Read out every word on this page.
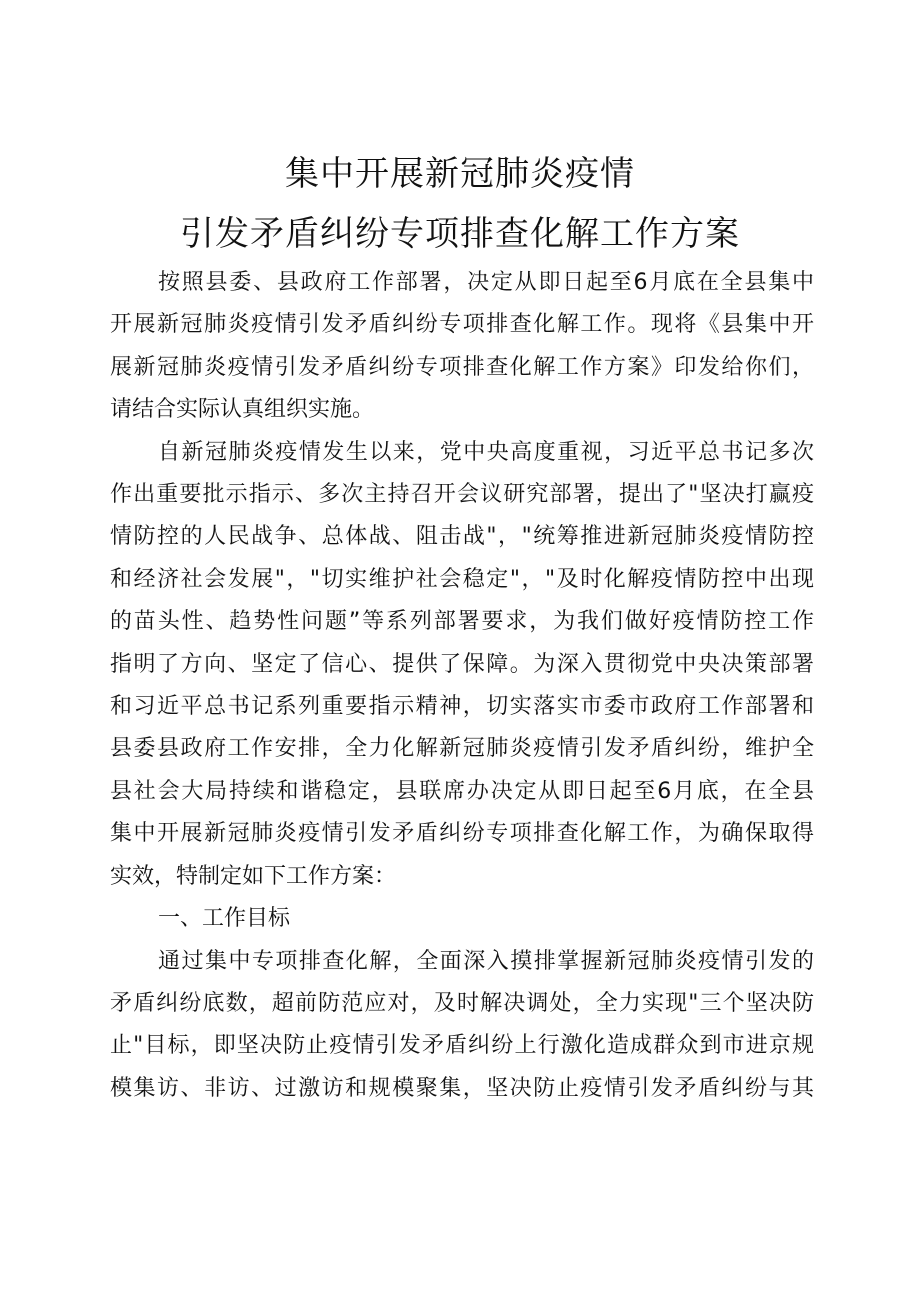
集中开展新冠肺炎疫情
引发矛盾纠纷专项排查化解工作方案
按照县委、县政府工作部署，决定从即日起至6月底在全县集中
开展新冠肺炎疫情引发矛盾纠纷专项排查化解工作。现将《县集中开
展新冠肺炎疫情引发矛盾纠纷专项排查化解工作方案》印发给你们，
请结合实际认真组织实施。
自新冠肺炎疫情发生以来，党中央高度重视，习近平总书记多次
作出重要批示指示、多次主持召开会议研究部署，提出了"坚决打赢疫
情防控的人民战争、总体战、阻击战"，"统筹推进新冠肺炎疫情防控
和经济社会发展"，"切实维护社会稳定"，"及时化解疫情防控中出现
的苗头性、趋势性问题”等系列部署要求，为我们做好疫情防控工作
指明了方向、坚定了信心、提供了保障。为深入贯彻党中央决策部署
和习近平总书记系列重要指示精神，切实落实市委市政府工作部署和
县委县政府工作安排，全力化解新冠肺炎疫情引发矛盾纠纷，维护全
县社会大局持续和谐稳定，县联席办决定从即日起至6月底，在全县
集中开展新冠肺炎疫情引发矛盾纠纷专项排查化解工作，为确保取得
实效，特制定如下工作方案：
一、工作目标
通过集中专项排查化解，全面深入摸排掌握新冠肺炎疫情引发的
矛盾纠纷底数，超前防范应对，及时解决调处，全力实现"三个坚决防
止"目标，即坚决防止疫情引发矛盾纠纷上行激化造成群众到市进京规
模集访、非访、过激访和规模聚集，坚决防止疫情引发矛盾纠纷与其
